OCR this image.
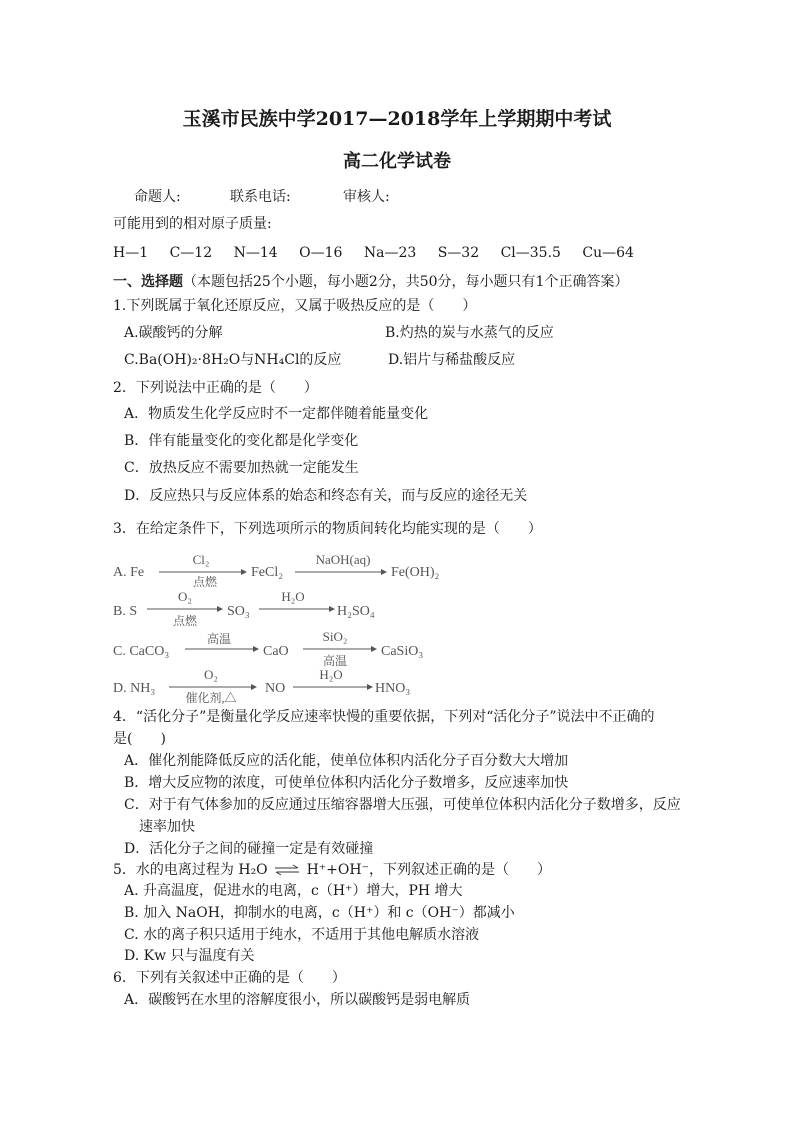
玉溪市民族中学2017—2018学年上学期期中考试
高二化学试卷
命题人:	联系电话:	审核人:
可能用到的相对原子质量:
H—1 C—12 N—14 O—16 Na—23 S—32 Cl—35.5 Cu—64
一、选择题（本题包括25个小题，每小题2分，共50分，每小题只有1个正确答案）
1.下列既属于氧化还原反应，又属于吸热反应的是（　　）
A.碳酸钙的分解	B.灼热的炭与水蒸气的反应
C.Ba(OH)₂·8H₂O与NH₄Cl的反应	D.铝片与稀盐酸反应
2．下列说法中正确的是（　　）
A．物质发生化学反应时不一定都伴随着能量变化
B．伴有能量变化的变化都是化学变化
C．放热反应不需要加热就一定能发生
D．反应热只与反应体系的始态和终态有关，而与反应的途径无关
3．在给定条件下，下列选项所示的物质间转化均能实现的是（　　）
A. Fe
Cl₂
点燃
FeCl₂
NaOH(aq)
Fe(OH)₂
B. S
O₂
点燃
SO₃
H₂O
H₂SO₄
C. CaCO₃
高温
CaO
SiO₂
高温
CaSiO₃
D. NH₃
O₂
催化剂,△
NO
H₂O
HNO₃
4．“活化分子”是衡量化学反应速率快慢的重要依据，下列对“活化分子”说法中不正确的
是(　　)
A．催化剂能降低反应的活化能，使单位体积内活化分子百分数大大增加
B．增大反应物的浓度，可使单位体积内活化分子数增多，反应速率加快
C．对于有气体参加的反应通过压缩容器增大压强，可使单位体积内活化分子数增多，反应
速率加快
D．活化分子之间的碰撞一定是有效碰撞
5．水的电离过程为 H₂O ⇌ H⁺+OH⁻，下列叙述正确的是（　　）
A. 升高温度，促进水的电离，c（H⁺）增大，PH 增大
B. 加入 NaOH，抑制水的电离，c（H⁺）和 c（OH⁻）都减小
C. 水的离子积只适用于纯水，不适用于其他电解质水溶液
D. Kw 只与温度有关
6．下列有关叙述中正确的是（　　）
A．碳酸钙在水里的溶解度很小，所以碳酸钙是弱电解质
